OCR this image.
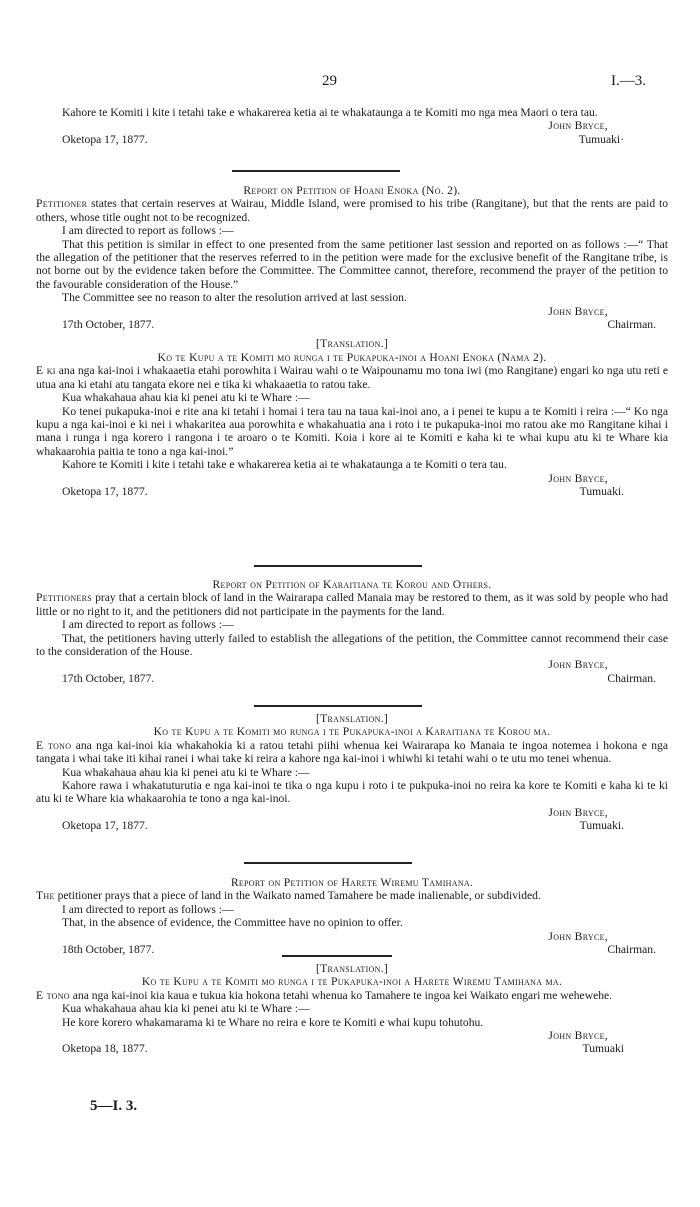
29	I.—3.

Kahore te Komiti i kite i tetahi take e whakarerea ketia ai te whakataunga a te Komiti mo nga mea Maori o tera tau.

John Bryce,
Oketopa 17, 1877.	Tumuaki·

Report on Petition of Hoani Enoka (No. 2).

Petitioner states that certain reserves at Wairau, Middle Island, were promised to his tribe (Rangitane), but that the rents are paid to others, whose title ought not to be recognized.

I am directed to report as follows :—

That this petition is similar in effect to one presented from the same petitioner last session and reported on as follows :—“ That the allegation of the petitioner that the reserves referred to in the petition were made for the exclusive benefit of the Rangitane tribe, is not borne out by the evidence taken before the Committee. The Committee cannot, therefore, recommend the prayer of the petition to the favourable consideration of the House.”

The Committee see no reason to alter the resolution arrived at last session.

John Bryce,
17th October, 1877.	Chairman.

[Translation.]

Ko te Kupu a te Komiti mo runga i te Pukapuka-inoi a Hoani Enoka (Nama 2).

E ki ana nga kai-inoi i whakaaetia etahi porowhita i Wairau wahi o te Waipounamu mo tona iwi (mo Rangitane) engari ko nga utu reti e utua ana ki etahi atu tangata ekore nei e tika ki whakaaetia to ratou take.

Kua whakahaua ahau kia ki penei atu ki te Whare :—

Ko tenei pukapuka-inoi e rite ana ki tetahi i homai i tera tau na taua kai-inoi ano, a i penei te kupu a te Komiti i reira :—“ Ko nga kupu a nga kai-inoi e ki nei i whakaritea aua porowhita e whakahuatia ana i roto i te pukapuka-inoi mo ratou ake mo Rangitane kihai i mana i runga i nga korero i rangona i te aroaro o te Komiti. Koia i kore ai te Komiti e kaha ki te whai kupu atu ki te Whare kia whakaarohia paitia te tono a nga kai-inoi.”

Kahore te Komiti i kite i tetahi take e whakarerea ketia ai te whakataunga a te Komiti o tera tau.

John Bryce,
Oketopa 17, 1877.	Tumuaki.

Report on Petition of Karaitiana te Korou and Others.

Petitioners pray that a certain block of land in the Wairarapa called Manaia may be restored to them, as it was sold by people who had little or no right to it, and the petitioners did not participate in the payments for the land.

I am directed to report as follows :—

That, the petitioners having utterly failed to establish the allegations of the petition, the Committee cannot recommend their case to the consideration of the House.

John Bryce,
17th October, 1877.	Chairman.

[Translation.]

Ko te Kupu a te Komiti mo runga i te Pukapuka-inoi a Karaitiana te Korou ma.

E tono ana nga kai-inoi kia whakahokia ki a ratou tetahi piihi whenua kei Wairarapa ko Manaia te ingoa notemea i hokona e nga tangata i whai take iti kihai ranei i whai take ki reira a kahore nga kai-inoi i whiwhi ki tetahi wahi o te utu mo tenei whenua.

Kua whakahaua ahau kia ki penei atu ki te Whare :—

Kahore rawa i whakatuturutia e nga kai-inoi te tika o nga kupu i roto i te pukpuka-inoi no reira ka kore te Komiti e kaha ki te ki atu ki te Whare kia whakaarohia te tono a nga kai-inoi.

John Bryce,
Oketopa 17, 1877.	Tumuaki.

Report on Petition of Harete Wiremu Tamihana.

The petitioner prays that a piece of land in the Waikato named Tamahere be made inalienable, or subdivided.

I am directed to report as follows :—

That, in the absence of evidence, the Committee have no opinion to offer.

John Bryce,
18th October, 1877.	Chairman.

[Translation.]

Ko te Kupu a te Komiti mo runga i te Pukapuka-inoi a Harete Wiremu Tamihana ma.

E tono ana nga kai-inoi kia kaua e tukua kia hokona tetahi whenua ko Tamahere te ingoa kei Waikato engari me wehewehe.

Kua whakahaua ahau kia ki penei atu ki te Whare :—

He kore korero whakamarama ki te Whare no reira e kore te Komiti e whai kupu tohutohu.

John Bryce,
Oketopa 18, 1877.	Tumuaki
5—I. 3.
